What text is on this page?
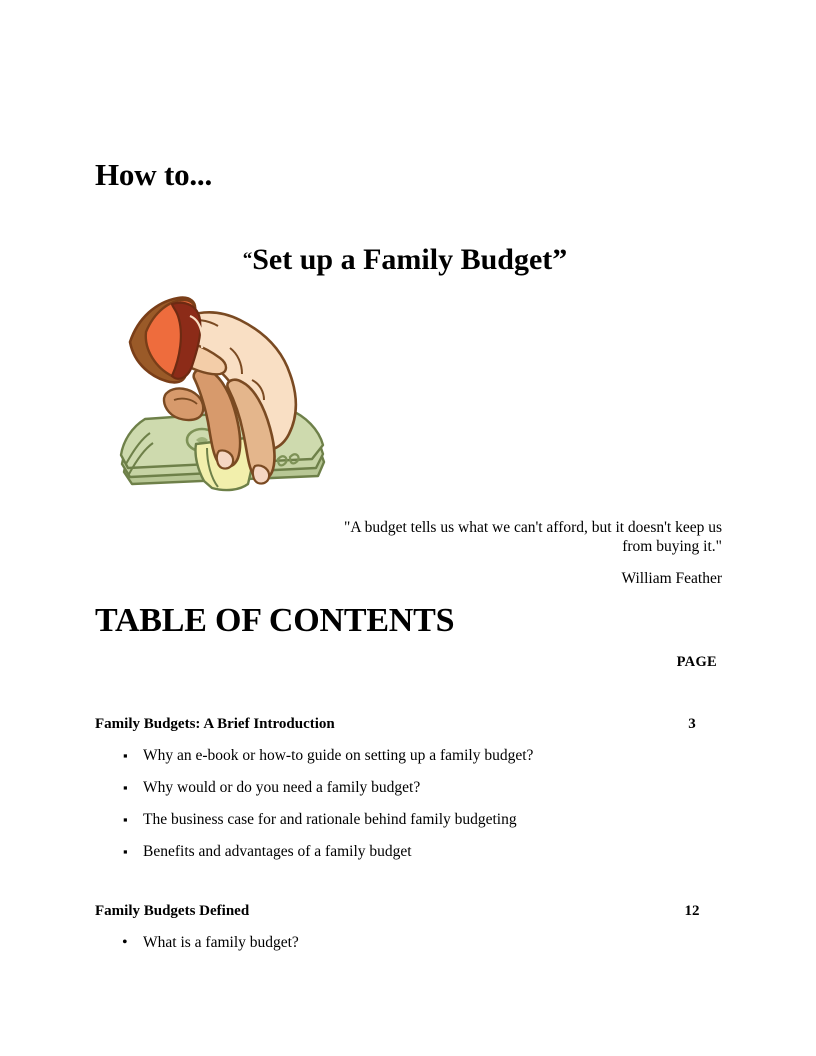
How to...
“Set up a Family Budget”
"A budget tells us what we can't afford, but it doesn't keep us from buying it."
William Feather
TABLE OF CONTENTS
PAGE
Family Budgets: A Brief Introduction	3
▪ Why an e-book or how-to guide on setting up a family budget?
▪ Why would or do you need a family budget?
▪ The business case for and rationale behind family budgeting
▪ Benefits and advantages of a family budget
Family Budgets Defined	12
• What is a family budget?
